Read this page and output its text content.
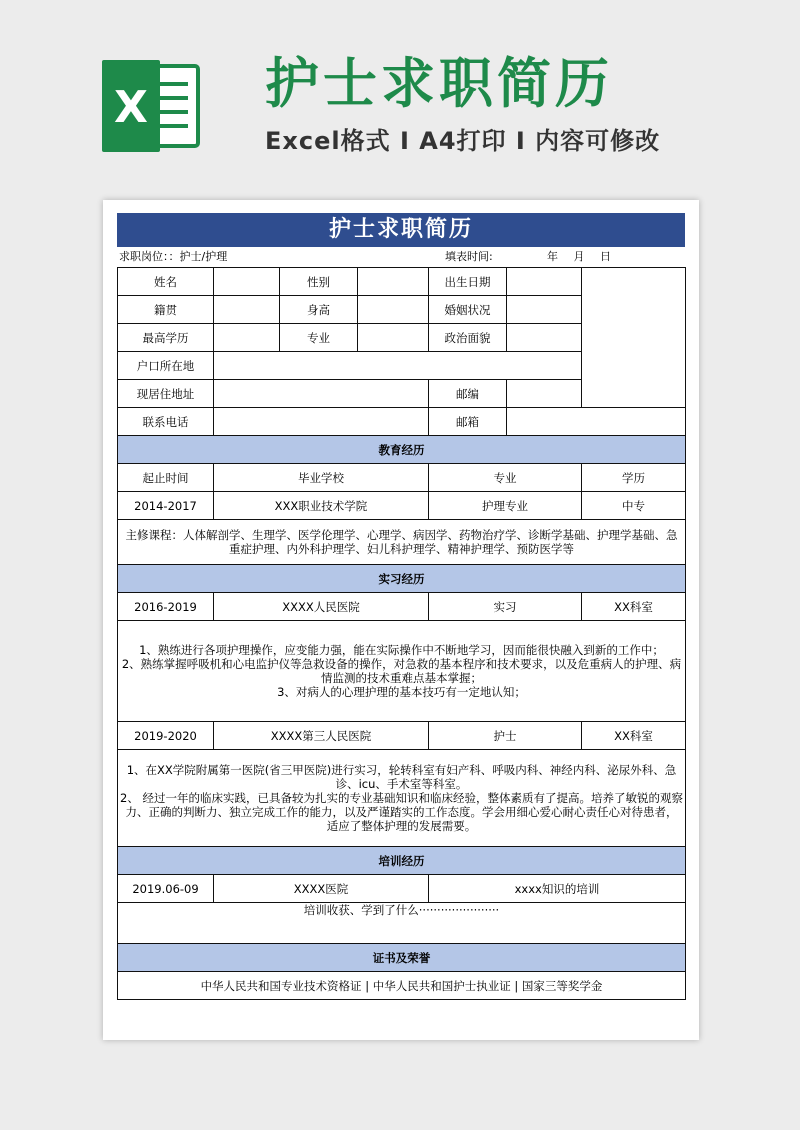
X 护士求职简历
Excel格式 I A4打印 I 内容可修改
护士求职简历
求职岗位：：护士/护理	填表时间:	年 月 日
姓名		性别		出生日期		
籍贯		身高		婚姻状况		
最高学历		专业		政治面貌		
户口所在地						
现居住地址				邮编		
联系电话				邮箱		
教育经历						
起止时间	毕业学校			专业		学历
2014-2017	XXX职业技术学院			护理专业		中专
主修课程：人体解剖学、生理学、医学伦理学、心理学、病因学、药物治疗学、诊断学基础、护理学基础、急重症护理、内外科护理学、妇儿科护理学、精神护理学、预防医学等						
实习经历						
2016-2019	XXXX人民医院			实习		XX科室

1、熟练进行各项护理操作，应变能力强，能在实际操作中不断地学习，因而能很快融入到新的工作中；
2、熟练掌握呼吸机和心电监护仪等急救设备的操作，对急救的基本程序和技术要求，以及危重病人的护理、病情监测的技术重难点基本掌握；
3、对病人的心理护理的基本技巧有一定地认知；						

2019-2020	XXXX第三人民医院			护士		XX科室

1、在XX学院附属第一医院(省三甲医院)进行实习，轮转科室有妇产科、呼吸内科、神经内科、泌尿外科、急诊、icu、手术室等科室。
2、 经过一年的临床实践，已具备较为扎实的专业基础知识和临床经验，整体素质有了提高。培养了敏锐的观察力、正确的判断力、独立完成工作的能力，以及严谨踏实的工作态度。学会用细心爱心耐心责任心对待患者，适应了整体护理的发展需要。						

培训经历						
2019.06-09	XXXX医院			xxxx知识的培训		
培训收获、学到了什么······················						
证书及荣誉						
中华人民共和国专业技术资格证 | 中华人民共和国护士执业证 | 国家三等奖学金						
